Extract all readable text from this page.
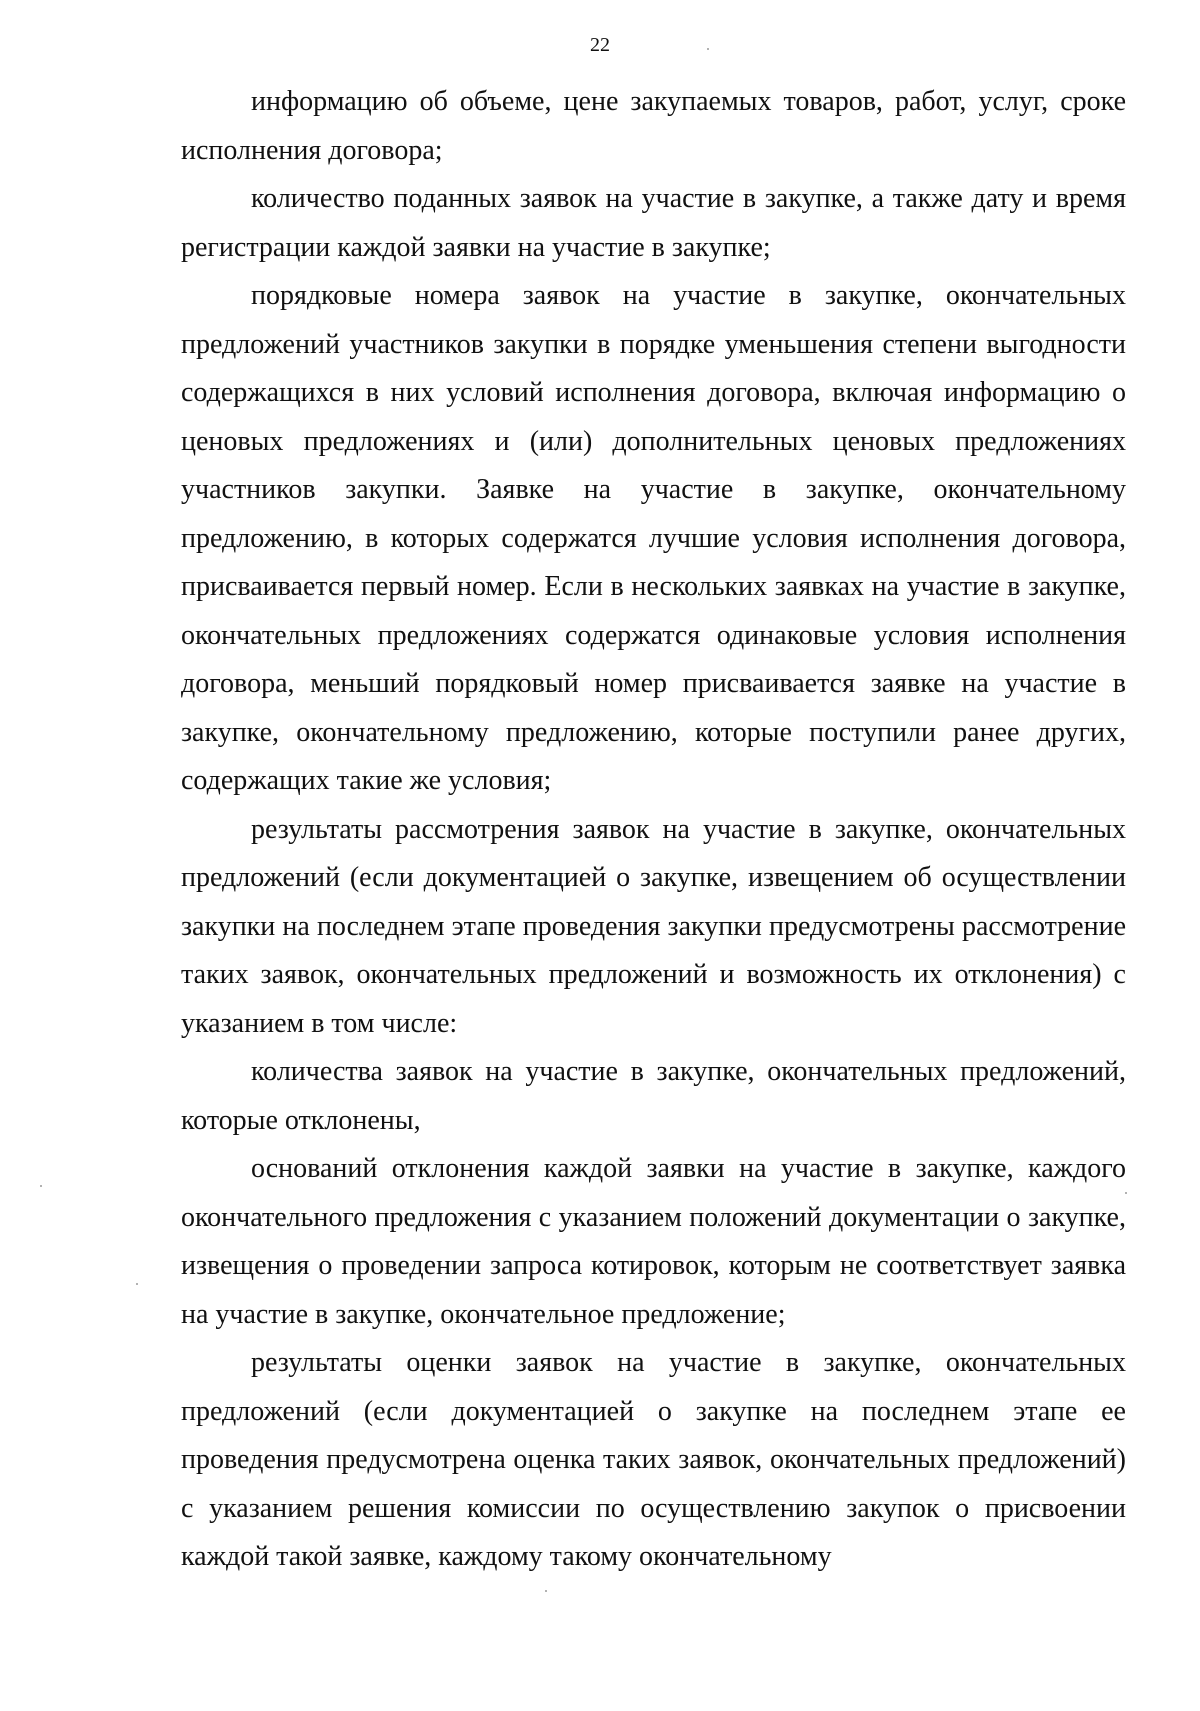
22

информацию об объеме, цене закупаемых товаров, работ, услуг, сроке исполнения договора;

количество поданных заявок на участие в закупке, а также дату и время регистрации каждой заявки на участие в закупке;

порядковые номера заявок на участие в закупке, окончательных предложений участников закупки в порядке уменьшения степени выгодности содержащихся в них условий исполнения договора, включая информацию о ценовых предложениях и (или) дополнительных ценовых предложениях участников закупки. Заявке на участие в закупке, окончательному предложению, в которых содержатся лучшие условия исполнения договора, присваивается первый номер. Если в нескольких заявках на участие в закупке, окончательных предложениях содержатся одинаковые условия исполнения договора, меньший порядковый номер присваивается заявке на участие в закупке, окончательному предложению, которые поступили ранее других, содержащих такие же условия;

результаты рассмотрения заявок на участие в закупке, окончательных предложений (если документацией о закупке, извещением об осуществлении закупки на последнем этапе проведения закупки предусмотрены рассмотрение таких заявок, окончательных предложений и возможность их отклонения) с указанием в том числе:

количества заявок на участие в закупке, окончательных предложений, которые отклонены,

оснований отклонения каждой заявки на участие в закупке, каждого окончательного предложения с указанием положений документации о закупке, извещения о проведении запроса котировок, которым не соответствует заявка на участие в закупке, окончательное предложение;

результаты оценки заявок на участие в закупке, окончательных предложений (если документацией о закупке на последнем этапе ее проведения предусмотрена оценка таких заявок, окончательных предложений) с указанием решения комиссии по осуществлению закупок о присвоении каждой такой заявке, каждому такому окончательному
